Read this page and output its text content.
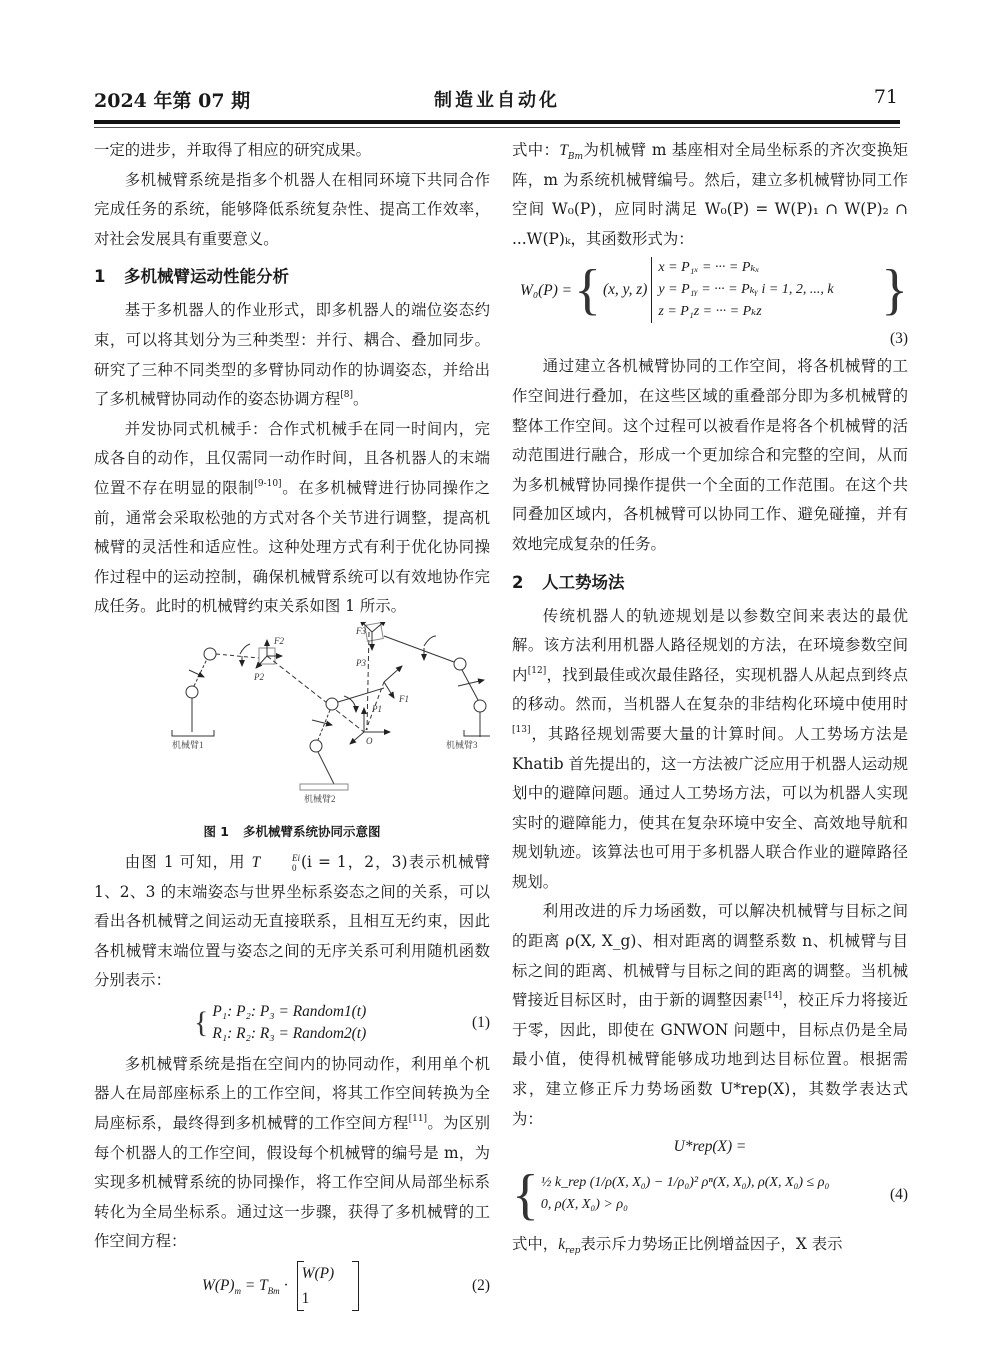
2024 年第 07 期	制造业自动化	71

一定的进步，并取得了相应的研究成果。

多机械臂系统是指多个机器人在相同环境下共同合作完成任务的系统，能够降低系统复杂性、提高工作效率，对社会发展具有重要意义。

1 多机械臂运动性能分析

基于多机器人的作业形式，即多机器人的端位姿态约束，可以将其划分为三种类型：并行、耦合、叠加同步。研究了三种不同类型的多臂协同动作的协调姿态，并给出了多机械臂协同动作的姿态协调方程[8]。

并发协同式机械手：合作式机械手在同一时间内，完成各自的动作，且仅需同一动作时间，且各机器人的末端位置不存在明显的限制[9-10]。在多机械臂进行协同操作之前，通常会采取松弛的方式对各个关节进行调整，提高机械臂的灵活性和适应性。这种处理方式有利于优化协同操作过程中的运动控制，确保机械臂系统可以有效地协作完成任务。此时的机械臂约束关系如图 1 所示。

F2
P2
O
F3
P3
F1
P1
机械臂1
机械臂2
机械臂3
图 1 多机械臂系统协同示意图

由图 1 可知，用 T	Ei
0 (i = 1，2，3)表示机械臂 1、2、3 的末端姿态与世界坐标系姿态之间的关系，可以看出各机械臂之间运动无直接联系，且相互无约束，因此各机械臂末端位置与姿态之间的无序关系可利用随机函数分别表示：

{ P₁: P₂: P₃ = Random1(t)
R₁: R₂: R₃ = Random2(t)
(1)

多机械臂系统是指在空间内的协同动作，利用单个机器人在局部座标系上的工作空间，将其工作空间转换为全局座标系，最终得到多机械臂的工作空间方程[11]。为区别每个机器人的工作空间，假设每个机械臂的编号是 m，为实现多机械臂系统的协同操作，将工作空间从局部坐标系转化为全局坐标系。通过这一步骤，获得了多机械臂的工作空间方程：

$W(P)_m = T_{Bm}$ ·
W(P)
1
(2)

式中：$T_{Bm}$为机械臂 m 基座相对全局坐标系的齐次变换矩阵，m 为系统机械臂编号。然后，建立多机械臂协同工作空间 W₀(P)，应同时满足 W₀(P) = W(P)₁ ∩ W(P)₂ ∩ ...W(P)ₖ，其函数形式为：

W₀(P) = { (x, y, z)
x = P₁ₓ = ··· = Pₖₓ
y = P₁ᵧ = ··· = Pₖᵧ i = 1, 2, ..., k
z = P₁z = ··· = Pₖz	}
(3)

通过建立各机械臂协同的工作空间，将各机械臂的工作空间进行叠加，在这些区域的重叠部分即为多机械臂的整体工作空间。这个过程可以被看作是将各个机械臂的活动范围进行融合，形成一个更加综合和完整的空间，从而为多机械臂协同操作提供一个全面的工作范围。在这个共同叠加区域内，各机械臂可以协同工作、避免碰撞，并有效地完成复杂的任务。

2 人工势场法

传统机器人的轨迹规划是以参数空间来表达的最优解。该方法利用机器人路径规划的方法，在环境参数空间内[12]，找到最佳或次最佳路径，实现机器人从起点到终点的移动。然而，当机器人在复杂的非结构化环境中使用时[13]，其路径规划需要大量的计算时间。人工势场方法是 Khatib 首先提出的，这一方法被广泛应用于机器人运动规划中的避障问题。通过人工势场方法，可以为机器人实现实时的避障能力，使其在复杂环境中安全、高效地导航和规划轨迹。该算法也可用于多机器人联合作业的避障路径规划。

利用改进的斥力场函数，可以解决机械臂与目标之间的距离 ρ(X, X_g)、相对距离的调整系数 n、机械臂与目标之间的距离、机械臂与目标之间的距离的调整。当机械臂接近目标区时，由于新的调整因素[14]，校正斥力将接近于零，因此，即使在 GNWON 问题中，目标点仍是全局最小值，使得机械臂能够成功地到达目标位置。根据需求，建立修正斥力势场函数 U*rep(X)，其数学表达式为：

U*rep(X) =
{ ½ k_rep (1/ρ(X, X₀) − 1/ρ₀)² ρⁿ(X, X₀), ρ(X, X₀) ≤ ρ₀
0, ρ(X, X₀) > ρ₀
(4)

式中，$k_{rep}$表示斥力势场正比例增益因子，X 表示
